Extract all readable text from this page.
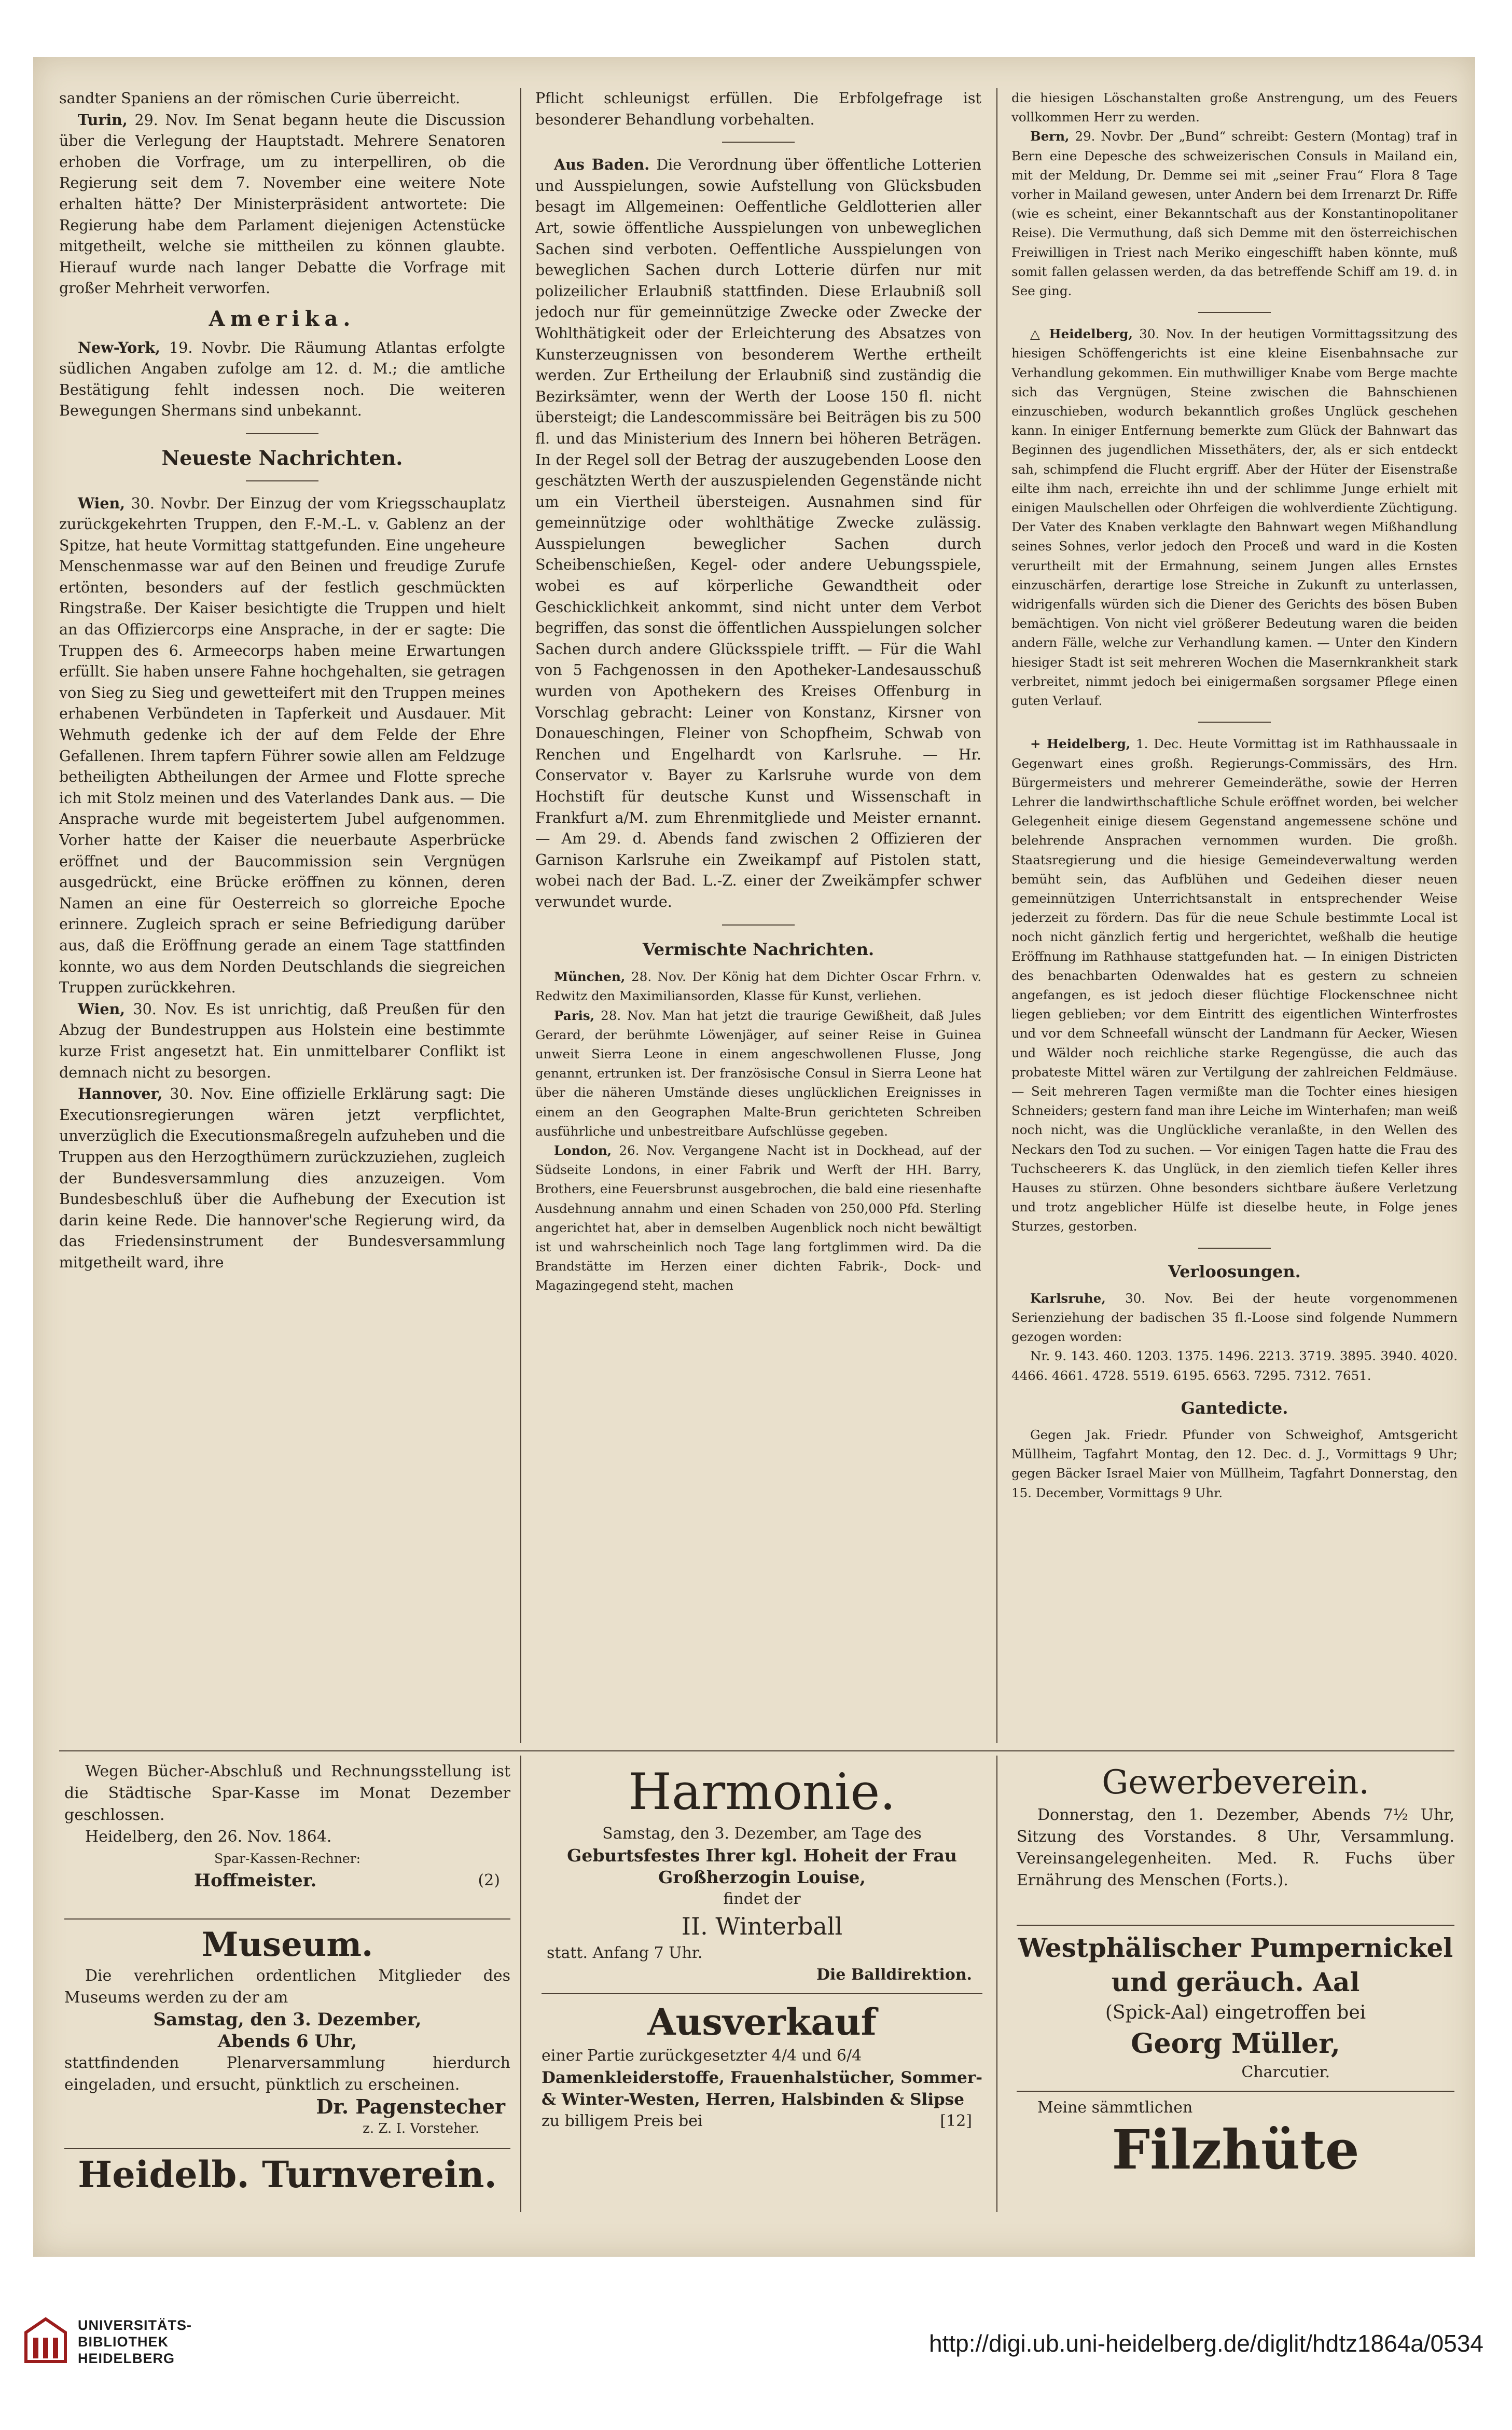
sandter Spaniens an der römischen Curie überreicht.

Turin, 29. Nov. Im Senat begann heute die Discussion über die Verlegung der Hauptstadt. Mehrere Senatoren erhoben die Vorfrage, um zu interpelliren, ob die Regierung seit dem 7. November eine weitere Note erhalten hätte? Der Ministerpräsident antwortete: Die Regierung habe dem Parlament diejenigen Actenstücke mitgetheilt, welche sie mittheilen zu können glaubte. Hierauf wurde nach langer Debatte die Vorfrage mit großer Mehrheit verworfen.

Amerika.

New-York, 19. Novbr. Die Räumung Atlantas erfolgte südlichen Angaben zufolge am 12. d. M.; die amtliche Bestätigung fehlt indessen noch. Die weiteren Bewegungen Shermans sind unbekannt.

Neueste Nachrichten.

Wien, 30. Novbr. Der Einzug der vom Kriegsschauplatz zurückgekehrten Truppen, den F.-M.-L. v. Gablenz an der Spitze, hat heute Vormittag stattgefunden. Eine ungeheure Menschenmasse war auf den Beinen und freudige Zurufe ertönten, besonders auf der festlich geschmückten Ringstraße. Der Kaiser besichtigte die Truppen und hielt an das Offiziercorps eine Ansprache, in der er sagte: Die Truppen des 6. Armeecorps haben meine Erwartungen erfüllt. Sie haben unsere Fahne hochgehalten, sie getragen von Sieg zu Sieg und gewetteifert mit den Truppen meines erhabenen Verbündeten in Tapferkeit und Ausdauer. Mit Wehmuth gedenke ich der auf dem Felde der Ehre Gefallenen. Ihrem tapfern Führer sowie allen am Feldzuge betheiligten Abtheilungen der Armee und Flotte spreche ich mit Stolz meinen und des Vaterlandes Dank aus. — Die Ansprache wurde mit begeistertem Jubel aufgenommen. Vorher hatte der Kaiser die neuerbaute Asperbrücke eröffnet und der Baucommission sein Vergnügen ausgedrückt, eine Brücke eröffnen zu können, deren Namen an eine für Oesterreich so glorreiche Epoche erinnere. Zugleich sprach er seine Befriedigung darüber aus, daß die Eröffnung gerade an einem Tage stattfinden konnte, wo aus dem Norden Deutschlands die siegreichen Truppen zurückkehren.

Wien, 30. Nov. Es ist unrichtig, daß Preußen für den Abzug der Bundestruppen aus Holstein eine bestimmte kurze Frist angesetzt hat. Ein unmittelbarer Conflikt ist demnach nicht zu besorgen.

Hannover, 30. Nov. Eine offizielle Erklärung sagt: Die Executionsregierungen wären jetzt verpflichtet, unverzüglich die Executionsmaßregeln aufzuheben und die Truppen aus den Herzogthümern zurückzuziehen, zugleich der Bundesversammlung dies anzuzeigen. Vom Bundesbeschluß über die Aufhebung der Execution ist darin keine Rede. Die hannover'sche Regierung wird, da das Friedensinstrument der Bundesversammlung mitgetheilt ward, ihre

Pflicht schleunigst erfüllen. Die Erbfolgefrage ist besonderer Behandlung vorbehalten.

Aus Baden. Die Verordnung über öffentliche Lotterien und Ausspielungen, sowie Aufstellung von Glücksbuden besagt im Allgemeinen: Oeffentliche Geldlotterien aller Art, sowie öffentliche Ausspielungen von unbeweglichen Sachen sind verboten. Oeffentliche Ausspielungen von beweglichen Sachen durch Lotterie dürfen nur mit polizeilicher Erlaubniß stattfinden. Diese Erlaubniß soll jedoch nur für gemeinnützige Zwecke oder Zwecke der Wohlthätigkeit oder der Erleichterung des Absatzes von Kunsterzeugnissen von besonderem Werthe ertheilt werden. Zur Ertheilung der Erlaubniß sind zuständig die Bezirksämter, wenn der Werth der Loose 150 fl. nicht übersteigt; die Landescommissäre bei Beiträgen bis zu 500 fl. und das Ministerium des Innern bei höheren Beträgen. In der Regel soll der Betrag der auszugebenden Loose den geschätzten Werth der auszuspielenden Gegenstände nicht um ein Viertheil übersteigen. Ausnahmen sind für gemeinnützige oder wohlthätige Zwecke zulässig. Ausspielungen beweglicher Sachen durch Scheibenschießen, Kegel- oder andere Uebungsspiele, wobei es auf körperliche Gewandtheit oder Geschicklichkeit ankommt, sind nicht unter dem Verbot begriffen, das sonst die öffentlichen Ausspielungen solcher Sachen durch andere Glücksspiele trifft. — Für die Wahl von 5 Fachgenossen in den Apotheker-Landesausschuß wurden von Apothekern des Kreises Offenburg in Vorschlag gebracht: Leiner von Konstanz, Kirsner von Donaueschingen, Fleiner von Schopfheim, Schwab von Renchen und Engelhardt von Karlsruhe. — Hr. Conservator v. Bayer zu Karlsruhe wurde von dem Hochstift für deutsche Kunst und Wissenschaft in Frankfurt a/M. zum Ehrenmitgliede und Meister ernannt. — Am 29. d. Abends fand zwischen 2 Offizieren der Garnison Karlsruhe ein Zweikampf auf Pistolen statt, wobei nach der Bad. L.-Z. einer der Zweikämpfer schwer verwundet wurde.

Vermischte Nachrichten.

München, 28. Nov. Der König hat dem Dichter Oscar Frhrn. v. Redwitz den Maximiliansorden, Klasse für Kunst, verliehen.

Paris, 28. Nov. Man hat jetzt die traurige Gewißheit, daß Jules Gerard, der berühmte Löwenjäger, auf seiner Reise in Guinea unweit Sierra Leone in einem angeschwollenen Flusse, Jong genannt, ertrunken ist. Der französische Consul in Sierra Leone hat über die näheren Umstände dieses unglücklichen Ereignisses in einem an den Geographen Malte-Brun gerichteten Schreiben ausführliche und unbestreitbare Aufschlüsse gegeben.

London, 26. Nov. Vergangene Nacht ist in Dockhead, auf der Südseite Londons, in einer Fabrik und Werft der HH. Barry, Brothers, eine Feuersbrunst ausgebrochen, die bald eine riesenhafte Ausdehnung annahm und einen Schaden von 250,000 Pfd. Sterling angerichtet hat, aber in demselben Augenblick noch nicht bewältigt ist und wahrscheinlich noch Tage lang fortglimmen wird. Da die Brandstätte im Herzen einer dichten Fabrik-, Dock- und Magazingegend steht, machen

die hiesigen Löschanstalten große Anstrengung, um des Feuers vollkommen Herr zu werden.

Bern, 29. Novbr. Der „Bund“ schreibt: Gestern (Montag) traf in Bern eine Depesche des schweizerischen Consuls in Mailand ein, mit der Meldung, Dr. Demme sei mit „seiner Frau“ Flora 8 Tage vorher in Mailand gewesen, unter Andern bei dem Irrenarzt Dr. Riffe (wie es scheint, einer Bekanntschaft aus der Konstantinopolitaner Reise). Die Vermuthung, daß sich Demme mit den österreichischen Freiwilligen in Triest nach Meriko eingeschifft haben könnte, muß somit fallen gelassen werden, da das betreffende Schiff am 19. d. in See ging.

△ Heidelberg, 30. Nov. In der heutigen Vormittagssitzung des hiesigen Schöffengerichts ist eine kleine Eisenbahnsache zur Verhandlung gekommen. Ein muthwilliger Knabe vom Berge machte sich das Vergnügen, Steine zwischen die Bahnschienen einzuschieben, wodurch bekanntlich großes Unglück geschehen kann. In einiger Entfernung bemerkte zum Glück der Bahnwart das Beginnen des jugendlichen Missethäters, der, als er sich entdeckt sah, schimpfend die Flucht ergriff. Aber der Hüter der Eisenstraße eilte ihm nach, erreichte ihn und der schlimme Junge erhielt mit einigen Maulschellen oder Ohrfeigen die wohlverdiente Züchtigung. Der Vater des Knaben verklagte den Bahnwart wegen Mißhandlung seines Sohnes, verlor jedoch den Proceß und ward in die Kosten verurtheilt mit der Ermahnung, seinem Jungen alles Ernstes einzuschärfen, derartige lose Streiche in Zukunft zu unterlassen, widrigenfalls würden sich die Diener des Gerichts des bösen Buben bemächtigen. Von nicht viel größerer Bedeutung waren die beiden andern Fälle, welche zur Verhandlung kamen. — Unter den Kindern hiesiger Stadt ist seit mehreren Wochen die Masernkrankheit stark verbreitet, nimmt jedoch bei einigermaßen sorgsamer Pflege einen guten Verlauf.

+ Heidelberg, 1. Dec. Heute Vormittag ist im Rathhaussaale in Gegenwart eines großh. Regierungs-Commissärs, des Hrn. Bürgermeisters und mehrerer Gemeinderäthe, sowie der Herren Lehrer die landwirthschaftliche Schule eröffnet worden, bei welcher Gelegenheit einige diesem Gegenstand angemessene schöne und belehrende Ansprachen vernommen wurden. Die großh. Staatsregierung und die hiesige Gemeindeverwaltung werden bemüht sein, das Aufblühen und Gedeihen dieser neuen gemeinnützigen Unterrichtsanstalt in entsprechender Weise jederzeit zu fördern. Das für die neue Schule bestimmte Local ist noch nicht gänzlich fertig und hergerichtet, weßhalb die heutige Eröffnung im Rathhause stattgefunden hat. — In einigen Districten des benachbarten Odenwaldes hat es gestern zu schneien angefangen, es ist jedoch dieser flüchtige Flockenschnee nicht liegen geblieben; vor dem Eintritt des eigentlichen Winterfrostes und vor dem Schneefall wünscht der Landmann für Aecker, Wiesen und Wälder noch reichliche starke Regengüsse, die auch das probateste Mittel wären zur Vertilgung der zahlreichen Feldmäuse. — Seit mehreren Tagen vermißte man die Tochter eines hiesigen Schneiders; gestern fand man ihre Leiche im Winterhafen; man weiß noch nicht, was die Unglückliche veranlaßte, in den Wellen des Neckars den Tod zu suchen. — Vor einigen Tagen hatte die Frau des Tuchscheerers K. das Unglück, in den ziemlich tiefen Keller ihres Hauses zu stürzen. Ohne besonders sichtbare äußere Verletzung und trotz angeblicher Hülfe ist dieselbe heute, in Folge jenes Sturzes, gestorben.

Verloosungen.

Karlsruhe, 30. Nov. Bei der heute vorgenommenen Serienziehung der badischen 35 fl.-Loose sind folgende Nummern gezogen worden:

Nr. 9. 143. 460. 1203. 1375. 1496. 2213. 3719. 3895. 3940. 4020. 4466. 4661. 4728. 5519. 6195. 6563. 7295. 7312. 7651.

Gantedicte.

Gegen Jak. Friedr. Pfunder von Schweighof, Amtsgericht Müllheim, Tagfahrt Montag, den 12. Dec. d. J., Vormittags 9 Uhr; gegen Bäcker Israel Maier von Müllheim, Tagfahrt Donnerstag, den 15. December, Vormittags 9 Uhr.

Wegen Bücher-Abschluß und Rechnungsstellung ist die Städtische Spar-Kasse im Monat Dezember geschlossen.

Heidelberg, den 26. Nov. 1864.

Spar-Kassen-Rechner:

Hoffmeister.	(2)

Museum.

Die verehrlichen ordentlichen Mitglieder des Museums werden zu der am

Samstag, den 3. Dezember,

Abends 6 Uhr,

stattfindenden Plenarversammlung hierdurch eingeladen, und ersucht, pünktlich zu erscheinen.

Dr. Pagenstecher

z. Z. I. Vorsteher.

Heidelb. Turnverein.

Harmonie.

Samstag, den 3. Dezember, am Tage des

Geburtsfestes Ihrer kgl. Hoheit der Frau Großherzogin Louise,

findet der

II. Winterball

statt. Anfang 7 Uhr.

Die Balldirektion.

Ausverkauf

einer Partie zurückgesetzter 4/4 und 6/4

Damenkleiderstoffe, Frauenhalstücher, Sommer- & Winter-Westen, Herren, Halsbinden & Slipse

zu billigem Preis bei	[12]

Gewerbeverein.

Donnerstag, den 1. Dezember, Abends 7½ Uhr, Sitzung des Vorstandes. 8 Uhr, Versammlung. Vereinsangelegenheiten. Med. R. Fuchs über Ernährung des Menschen (Forts.).

Westphälischer Pumpernickel und geräuch. Aal

(Spick-Aal) eingetroffen bei

Georg Müller,

Charcutier.

Meine sämmtlichen

Filzhüte

UNIVERSITÄTS-
BIBLIOTHEK
HEIDELBERG
http://digi.ub.uni-heidelberg.de/diglit/hdtz1864a/0534
